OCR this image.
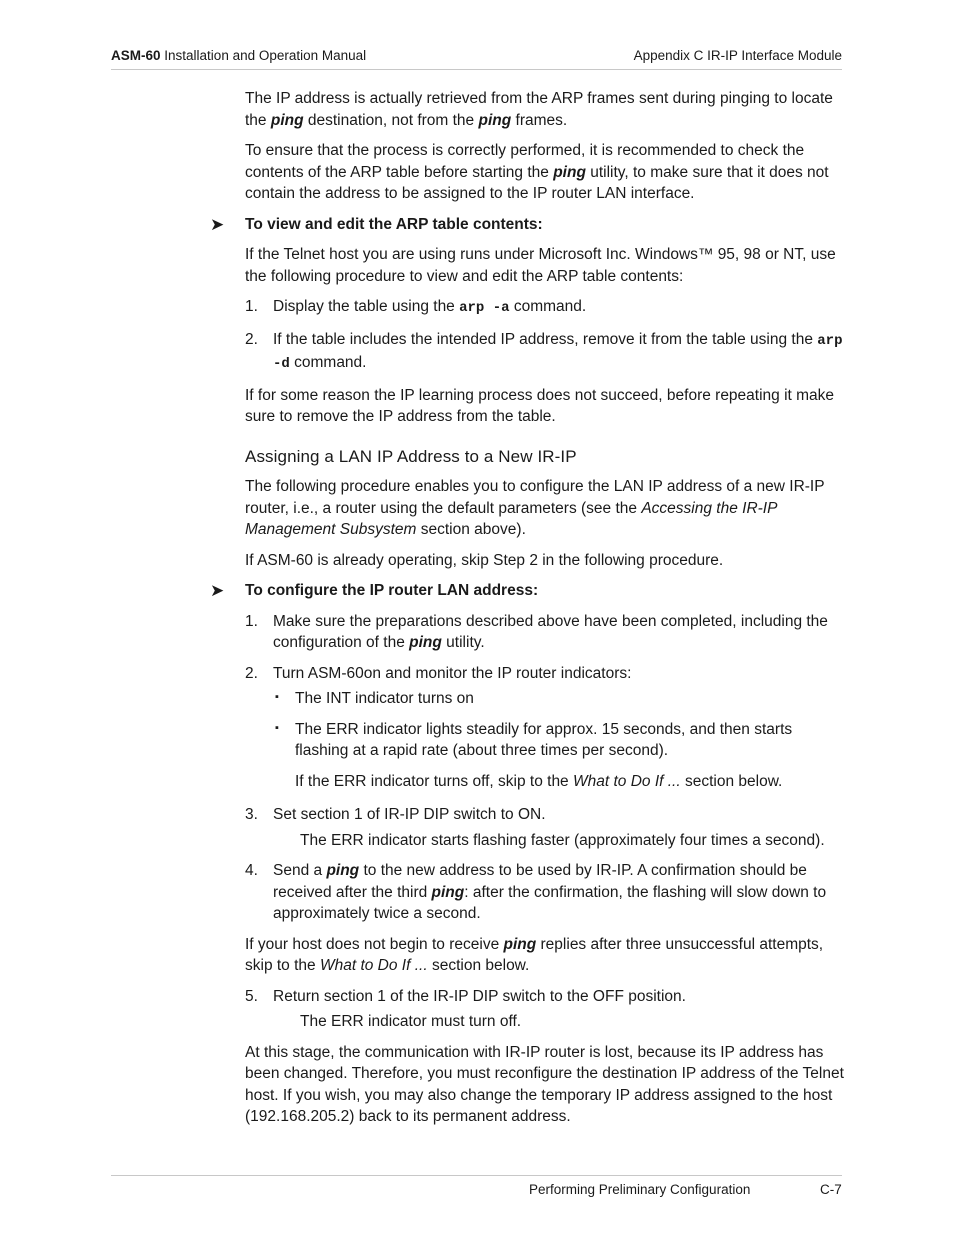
ASM-60 Installation and Operation Manual	Appendix C IR-IP Interface Module

The IP address is actually retrieved from the ARP frames sent during pinging to locate the ping destination, not from the ping frames.

To ensure that the process is correctly performed, it is recommended to check the contents of the ARP table before starting the ping utility, to make sure that it does not contain the address to be assigned to the IP router LAN interface.

➤ To view and edit the ARP table contents:

If the Telnet host you are using runs under Microsoft Inc. Windows™ 95, 98 or NT, use the following procedure to view and edit the ARP table contents:

1. Display the table using the arp -a command.
2. If the table includes the intended IP address, remove it from the table using the arp -d command.

If for some reason the IP learning process does not succeed, before repeating it make sure to remove the IP address from the table.

Assigning a LAN IP Address to a New IR-IP

The following procedure enables you to configure the LAN IP address of a new IR-IP router, i.e., a router using the default parameters (see the Accessing the IR-IP Management Subsystem section above).

If ASM-60 is already operating, skip Step 2 in the following procedure.

➤ To configure the IP router LAN address:
1. Make sure the preparations described above have been completed, including the configuration of the ping utility.
2. Turn ASM-60on and monitor the IP router indicators:
▪ The INT indicator turns on
▪ The ERR indicator lights steadily for approx. 15 seconds, and then starts flashing at a rapid rate (about three times per second).
If the ERR indicator turns off, skip to the What to Do If ... section below.
3. Set section 1 of IR-IP DIP switch to ON.
The ERR indicator starts flashing faster (approximately four times a second).
4. Send a ping to the new address to be used by IR-IP. A confirmation should be received after the third ping: after the confirmation, the flashing will slow down to approximately twice a second.

If your host does not begin to receive ping replies after three unsuccessful attempts, skip to the What to Do If ... section below.

5. Return section 1 of the IR-IP DIP switch to the OFF position.
The ERR indicator must turn off.

At this stage, the communication with IR-IP router is lost, because its IP address has been changed. Therefore, you must reconfigure the destination IP address of the Telnet host. If you wish, you may also change the temporary IP address assigned to the host (192.168.205.2) back to its permanent address.

Performing Preliminary Configuration	C-7
